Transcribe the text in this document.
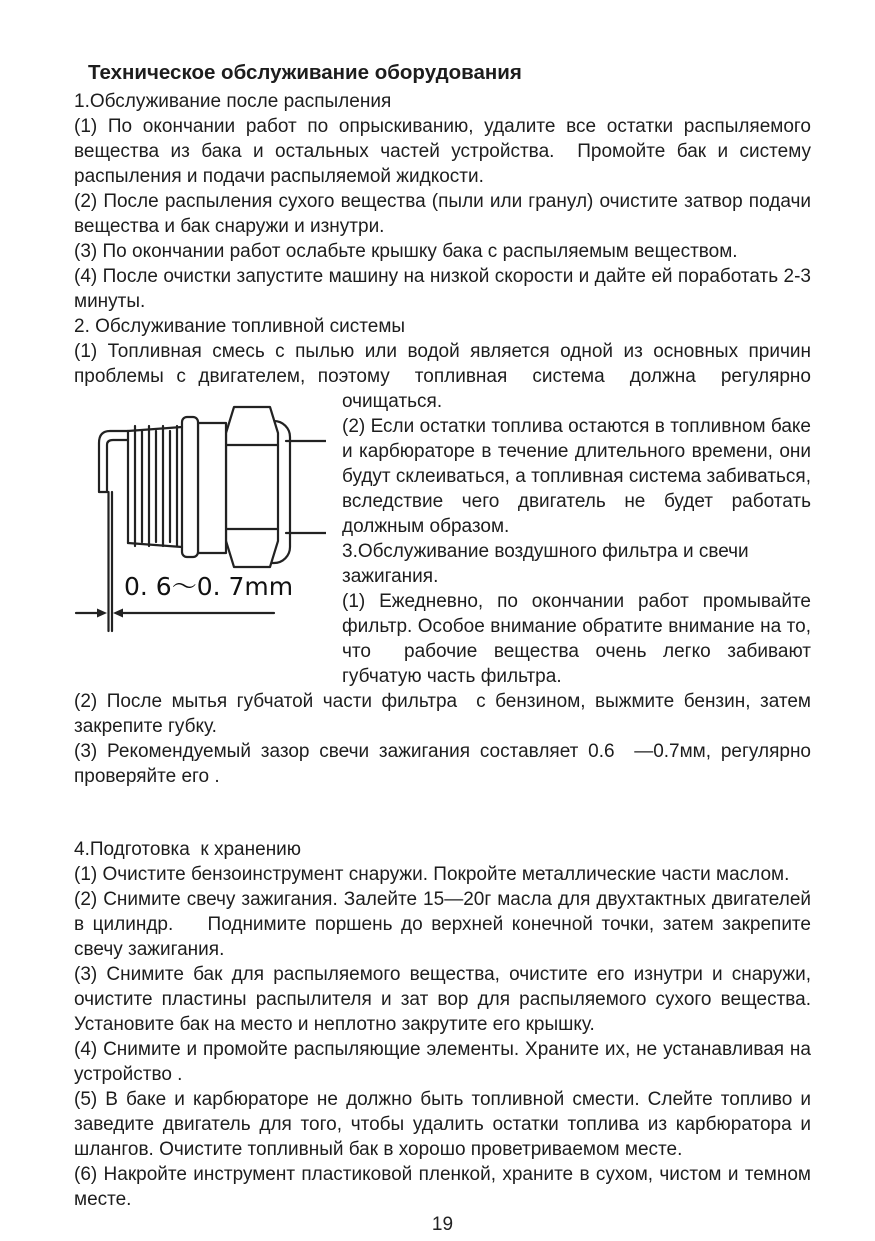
Техническое обслуживание оборудования

1.Обслуживание после распыления

(1) По окончании работ по опрыскиванию, удалите все остатки распыляемого вещества из бака и остальных частей устройства.  Промойте бак и систему распыления и подачи распыляемой жидкости.

(2) После распыления сухого вещества (пыли или гранул) очистите затвор подачи вещества и бак снаружи и изнутри.

(3) По окончании работ ослабьте крышку бака с распыляемым веществом.

(4) После очистки запустите машину на низкой скорости и дайте ей поработать 2-3 минуты.

2. Обслуживание топливной системы

(1) Топливная смесь с пылью или водой является одной из основных причин проблемы с двигателем, поэтому  топливная  система  должна  регулярно

0. 6～0. 7mm

очищаться.

(2) Если остатки топлива остаются в топливном баке и карбюраторе в течение длительного времени, они будут склеиваться, а топливная система забиваться, вследствие чего двигатель не будет работать должным образом.

3.Обслуживание воздушного фильтра и свечи зажигания.

(1) Ежедневно, по окончании работ промывайте фильтр. Особое внимание обратите внимание на то, что  рабочие вещества очень легко забивают губчатую часть фильтра.

(2) После мытья губчатой части фильтра  с бензином, выжмите бензин, затем закрепите губку.

(3) Рекомендуемый зазор свечи зажигания составляет 0.6  —0.7мм, регулярно проверяйте его .

4.Подготовка  к хранению

(1) Очистите бензоинструмент снаружи. Покройте металлические части маслом.

(2) Снимите свечу зажигания. Залейте 15—20г масла для двухтактных двигателей в цилиндр.    Поднимите поршень до верхней конечной точки, затем закрепите свечу зажигания.

(3) Снимите бак для распыляемого вещества, очистите его изнутри и снаружи, очистите пластины распылителя и зат вор для распыляемого сухого вещества. Установите бак на место и неплотно закрутите его крышку.

(4) Снимите и промойте распыляющие элементы. Храните их, не устанавливая на устройство .

(5) В баке и карбюраторе не должно быть топливной смести. Слейте топливо и заведите двигатель для того, чтобы удалить остатки топлива из карбюратора и шлангов. Очистите топливный бак в хорошо проветриваемом месте.

(6) Накройте инструмент пластиковой пленкой, храните в сухом, чистом и темном месте.

19
